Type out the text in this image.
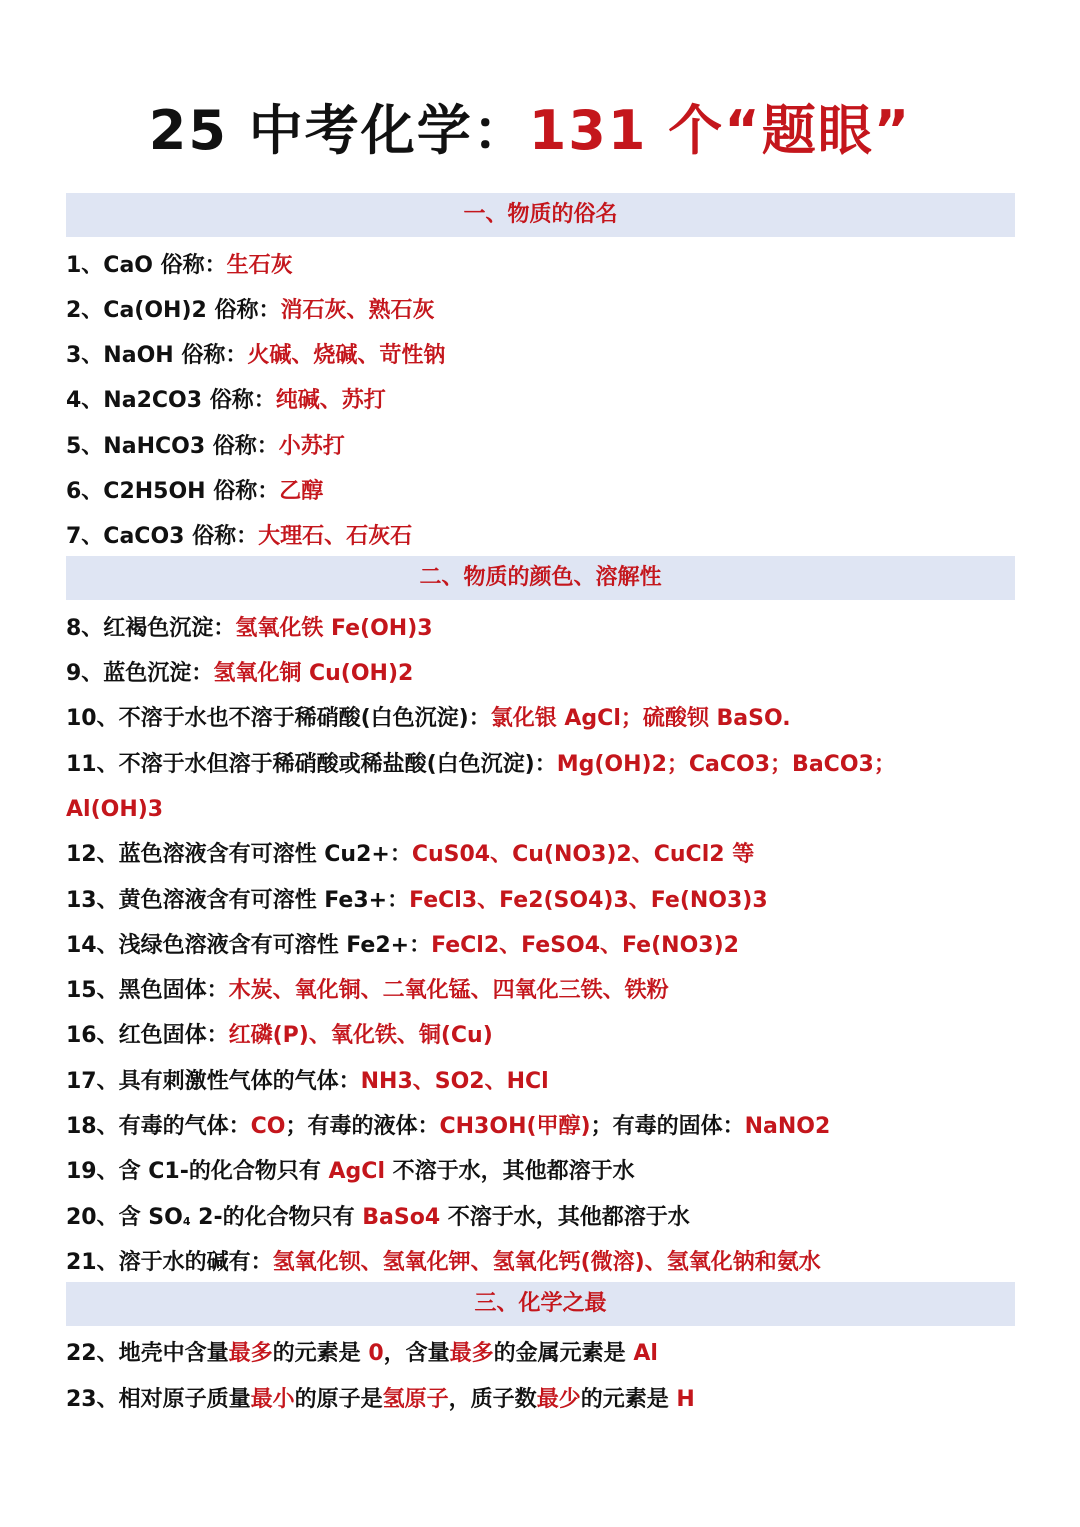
25 中考化学：131 个“题眼”
一、物质的俗名
1、CaO 俗称：生石灰
2、Ca(OH)2 俗称：消石灰、熟石灰
3、NaOH 俗称：火碱、烧碱、苛性钠
4、Na2CO3 俗称：纯碱、苏打
5、NaHCO3 俗称：小苏打
6、C2H5OH 俗称：乙醇
7、CaCO3 俗称：大理石、石灰石
二、物质的颜色、溶解性
8、红褐色沉淀：氢氧化铁 Fe(OH)3
9、蓝色沉淀：氢氧化铜 Cu(OH)2
10、不溶于水也不溶于稀硝酸(白色沉淀)：氯化银 AgCl；硫酸钡 BaSO.
11、不溶于水但溶于稀硝酸或稀盐酸(白色沉淀)：Mg(OH)2；CaCO3；BaCO3；
Al(OH)3
12、蓝色溶液含有可溶性 Cu2+：CuS04、Cu(NO3)2、CuCl2 等
13、黄色溶液含有可溶性 Fe3+：FeCl3、Fe2(SO4)3、Fe(NO3)3
14、浅绿色溶液含有可溶性 Fe2+：FeCl2、FeSO4、Fe(NO3)2
15、黑色固体：木炭、氧化铜、二氧化锰、四氧化三铁、铁粉
16、红色固体：红磷(P)、氧化铁、铜(Cu)
17、具有刺激性气体的气体：NH3、SO2、HCl
18、有毒的气体：CO；有毒的液体：CH3OH(甲醇)；有毒的固体：NaNO2
19、含 C1-的化合物只有 AgCl 不溶于水，其他都溶于水
20、含 SO4 2-的化合物只有 BaSo4 不溶于水，其他都溶于水
21、溶于水的碱有：氢氧化钡、氢氧化钾、氢氧化钙(微溶)、氢氧化钠和氨水
三、化学之最
22、地壳中含量最多的元素是 0，含量最多的金属元素是 Al
23、相对原子质量最小的原子是氢原子，质子数最少的元素是 H
